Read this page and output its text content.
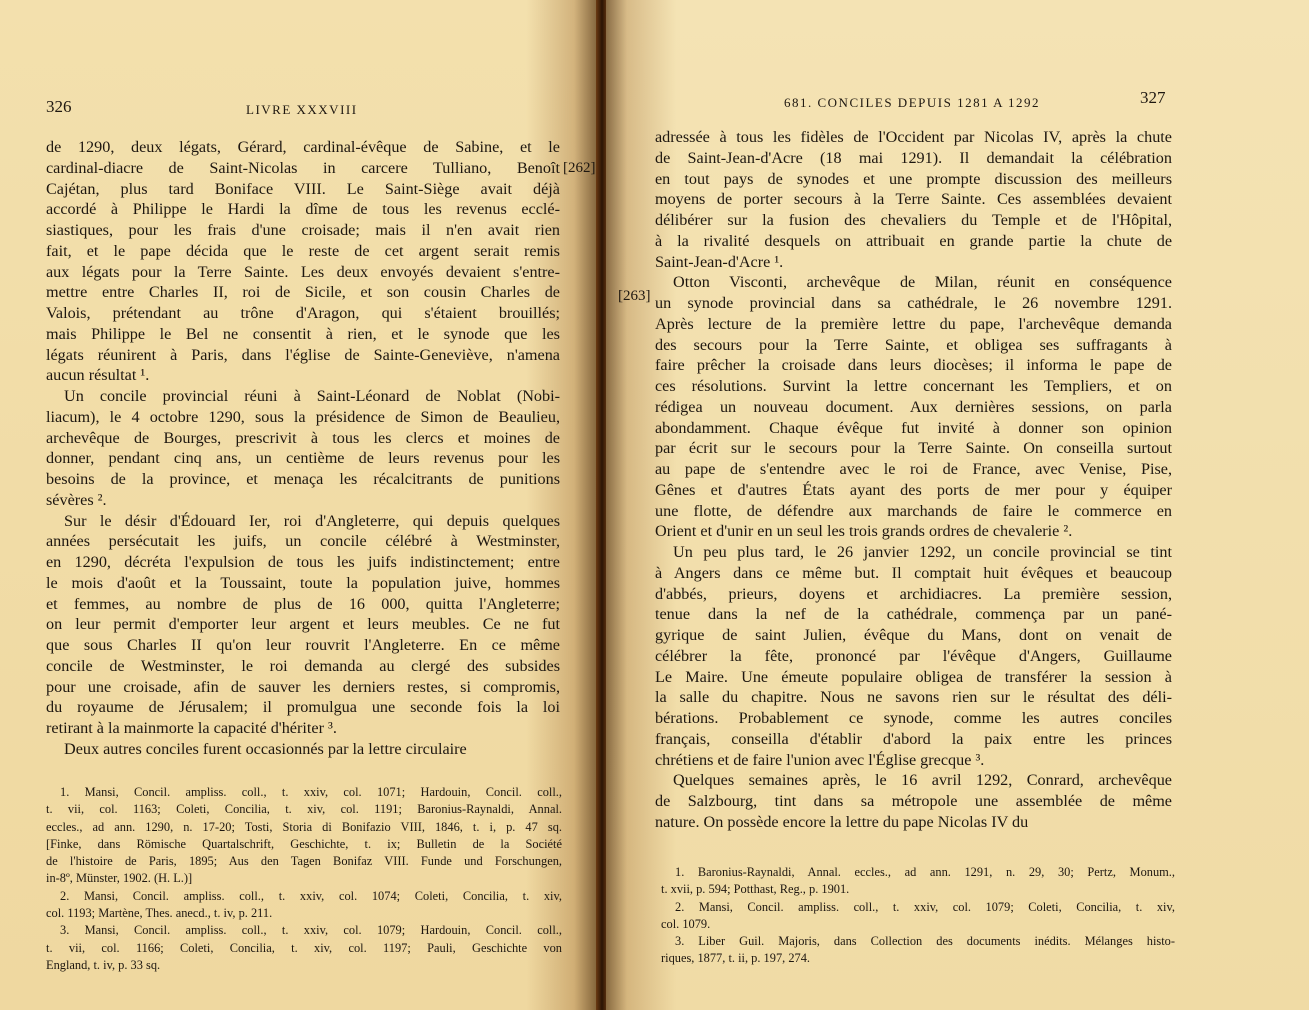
326	LIVRE XXXVIII
[262]
de 1290, deux légats, Gérard, cardinal-évêque de Sabine, et le
cardinal-diacre de Saint-Nicolas in carcere Tulliano, Benoît
Cajétan, plus tard Boniface VIII. Le Saint-Siège avait déjà
accordé à Philippe le Hardi la dîme de tous les revenus ecclé-
siastiques, pour les frais d'une croisade; mais il n'en avait rien
fait, et le pape décida que le reste de cet argent serait remis
aux légats pour la Terre Sainte. Les deux envoyés devaient s'entre-
mettre entre Charles II, roi de Sicile, et son cousin Charles de
Valois, prétendant au trône d'Aragon, qui s'étaient brouillés;
mais Philippe le Bel ne consentit à rien, et le synode que les
légats réunirent à Paris, dans l'église de Sainte-Geneviève, n'amena
aucun résultat ¹.
Un concile provincial réuni à Saint-Léonard de Noblat (Nobi-
liacum), le 4 octobre 1290, sous la présidence de Simon de Beaulieu,
archevêque de Bourges, prescrivit à tous les clercs et moines de
donner, pendant cinq ans, un centième de leurs revenus pour les
besoins de la province, et menaça les récalcitrants de punitions
sévères ².
Sur le désir d'Édouard Ier, roi d'Angleterre, qui depuis quelques
années persécutait les juifs, un concile célébré à Westminster,
en 1290, décréta l'expulsion de tous les juifs indistinctement; entre
le mois d'août et la Toussaint, toute la population juive, hommes
et femmes, au nombre de plus de 16 000, quitta l'Angleterre;
on leur permit d'emporter leur argent et leurs meubles. Ce ne fut
que sous Charles II qu'on leur rouvrit l'Angleterre. En ce même
concile de Westminster, le roi demanda au clergé des subsides
pour une croisade, afin de sauver les derniers restes, si compromis,
du royaume de Jérusalem; il promulgua une seconde fois la loi
retirant à la mainmorte la capacité d'hériter ³.
Deux autres conciles furent occasionnés par la lettre circulaire
1. Mansi, Concil. ampliss. coll., t. xxiv, col. 1071; Hardouin, Concil. coll.,
t. vii, col. 1163; Coleti, Concilia, t. xiv, col. 1191; Baronius-Raynaldi, Annal.
eccles., ad ann. 1290, n. 17-20; Tosti, Storia di Bonifazio VIII, 1846, t. i, p. 47 sq.
[Finke, dans Römische Quartalschrift, Geschichte, t. ix; Bulletin de la Société
de l'histoire de Paris, 1895; Aus den Tagen Bonifaz VIII. Funde und Forschungen,
in-8º, Münster, 1902. (H. L.)]
2. Mansi, Concil. ampliss. coll., t. xxiv, col. 1074; Coleti, Concilia, t. xiv,
col. 1193; Martène, Thes. anecd., t. iv, p. 211.
3. Mansi, Concil. ampliss. coll., t. xxiv, col. 1079; Hardouin, Concil. coll.,
t. vii, col. 1166; Coleti, Concilia, t. xiv, col. 1197; Pauli, Geschichte von
England, t. iv, p. 33 sq.
681. CONCILES DEPUIS 1281 A 1292	327
[263]
adressée à tous les fidèles de l'Occident par Nicolas IV, après la chute
de Saint-Jean-d'Acre (18 mai 1291). Il demandait la célébration
en tout pays de synodes et une prompte discussion des meilleurs
moyens de porter secours à la Terre Sainte. Ces assemblées devaient
délibérer sur la fusion des chevaliers du Temple et de l'Hôpital,
à la rivalité desquels on attribuait en grande partie la chute de
Saint-Jean-d'Acre ¹.
Otton Visconti, archevêque de Milan, réunit en conséquence
un synode provincial dans sa cathédrale, le 26 novembre 1291.
Après lecture de la première lettre du pape, l'archevêque demanda
des secours pour la Terre Sainte, et obligea ses suffragants à
faire prêcher la croisade dans leurs diocèses; il informa le pape de
ces résolutions. Survint la lettre concernant les Templiers, et on
rédigea un nouveau document. Aux dernières sessions, on parla
abondamment. Chaque évêque fut invité à donner son opinion
par écrit sur le secours pour la Terre Sainte. On conseilla surtout
au pape de s'entendre avec le roi de France, avec Venise, Pise,
Gênes et d'autres États ayant des ports de mer pour y équiper
une flotte, de défendre aux marchands de faire le commerce en
Orient et d'unir en un seul les trois grands ordres de chevalerie ².
Un peu plus tard, le 26 janvier 1292, un concile provincial se tint
à Angers dans ce même but. Il comptait huit évêques et beaucoup
d'abbés, prieurs, doyens et archidiacres. La première session,
tenue dans la nef de la cathédrale, commença par un pané-
gyrique de saint Julien, évêque du Mans, dont on venait de
célébrer la fête, prononcé par l'évêque d'Angers, Guillaume
Le Maire. Une émeute populaire obligea de transférer la session à
la salle du chapitre. Nous ne savons rien sur le résultat des déli-
bérations. Probablement ce synode, comme les autres conciles
français, conseilla d'établir d'abord la paix entre les princes
chrétiens et de faire l'union avec l'Église grecque ³.
Quelques semaines après, le 16 avril 1292, Conrard, archevêque
de Salzbourg, tint dans sa métropole une assemblée de même
nature. On possède encore la lettre du pape Nicolas IV du
1. Baronius-Raynaldi, Annal. eccles., ad ann. 1291, n. 29, 30; Pertz, Monum.,
t. xvii, p. 594; Potthast, Reg., p. 1901.
2. Mansi, Concil. ampliss. coll., t. xxiv, col. 1079; Coleti, Concilia, t. xiv,
col. 1079.
3. Liber Guil. Majoris, dans Collection des documents inédits. Mélanges histo-
riques, 1877, t. ii, p. 197, 274.
